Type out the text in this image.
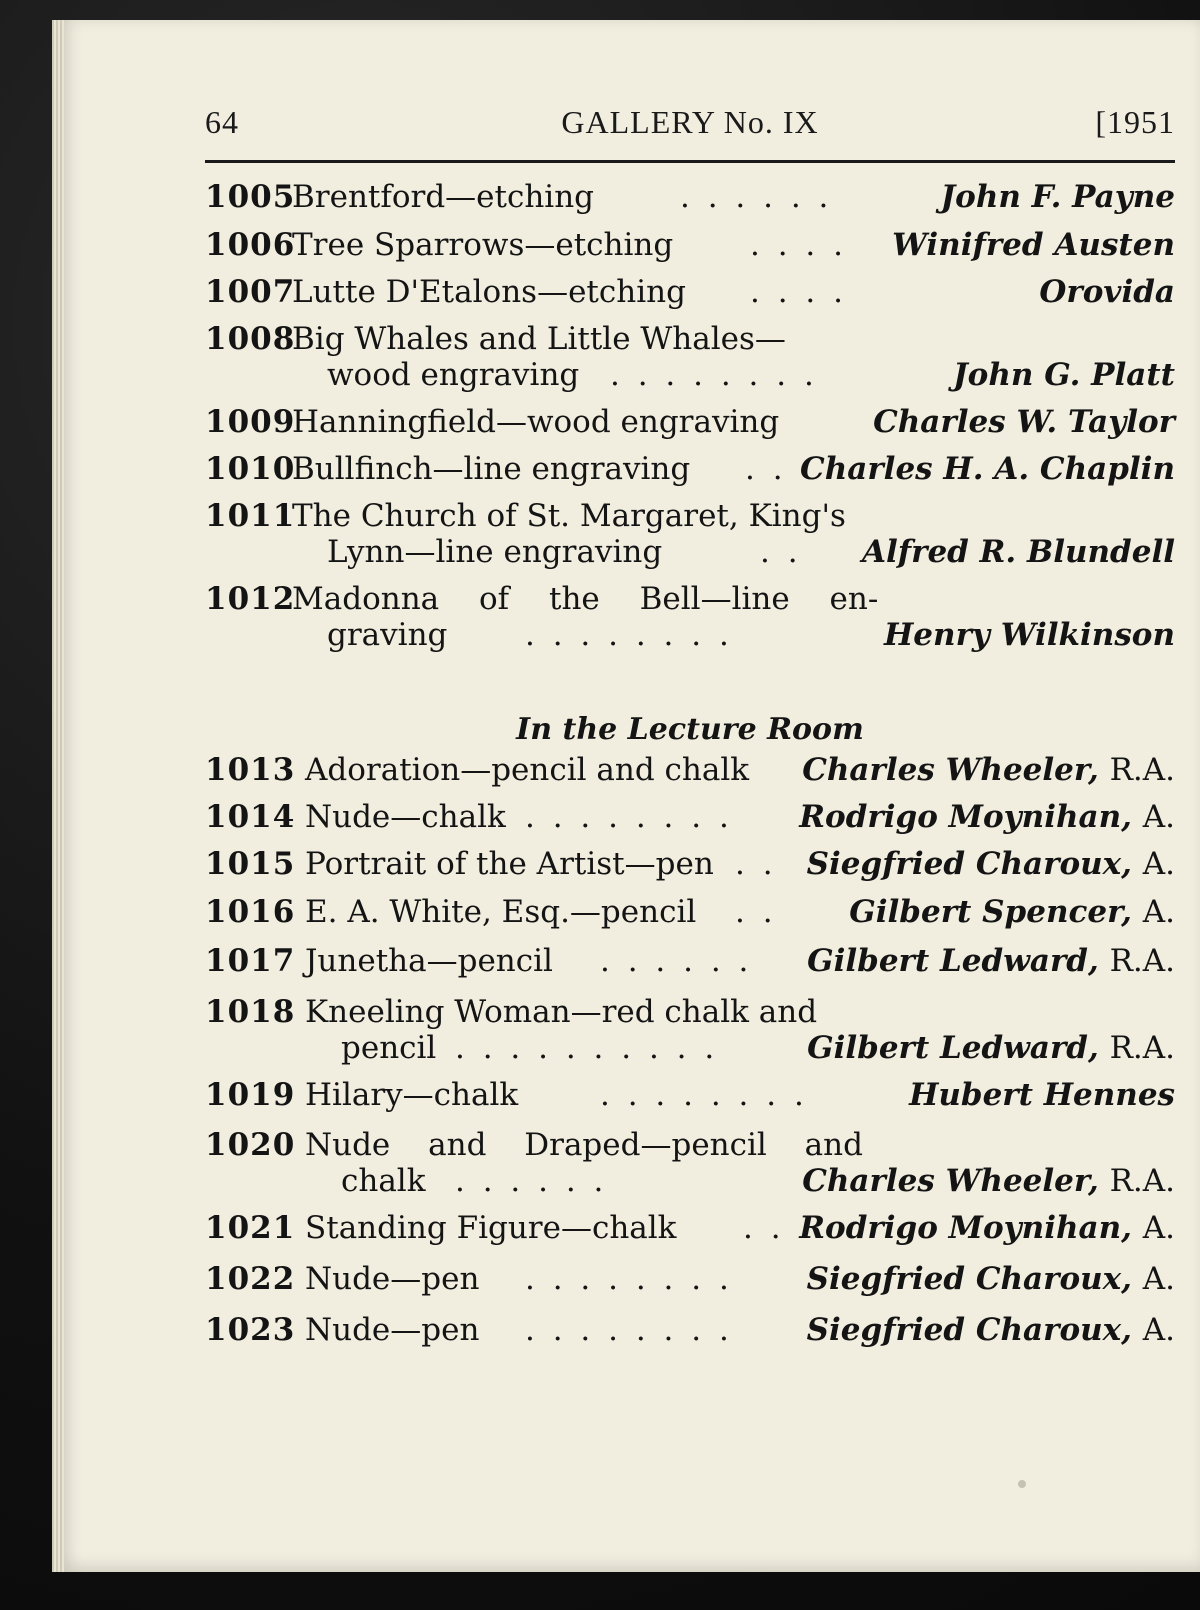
64	GALLERY No. IX	[1951
1005
Brentford—etching	. . . . . .	John F. Payne
1006
Tree Sparrows—etching . . . . Winifred Austen
1007
Lutte D'Etalons—etching . . . .	Orovida
1008
Big Whales and Little Whales—
wood engraving . . . . . . . .	John G. Platt
1009
Hanningfield—wood engraving	Charles W. Taylor
1010
Bullfinch—line engraving . . Charles H. A. Chaplin
1011
The Church of St. Margaret, King's
Lynn—line engraving	. . Alfred R. Blundell
1012
Madonna of the Bell—line en-
graving	. . . . . . . .	Henry Wilkinson
In the Lecture Room
1013 Adoration—pencil and chalk Charles Wheeler, R.A.
1014 Nude—chalk . . . . . . . . Rodrigo Moynihan, A.
1015 Portrait of the Artist—pen . . Siegfried Charoux, A.
1016 E. A. White, Esq.—pencil . . Gilbert Spencer, A.
1017 Junetha—pencil . . . . . . Gilbert Ledward, R.A.
1018 Kneeling Woman—red chalk and
pencil . . . . . . . . . .	Gilbert Ledward, R.A.
1019 Hilary—chalk	. . . . . . . .	Hubert Hennes
1020 Nude and Draped—pencil and
chalk . . . . . .	Charles Wheeler, R.A.
1021 Standing Figure—chalk . . Rodrigo Moynihan, A.
1022 Nude—pen . . . . . . . . Siegfried Charoux, A.
1023 Nude—pen . . . . . . . . Siegfried Charoux, A.
